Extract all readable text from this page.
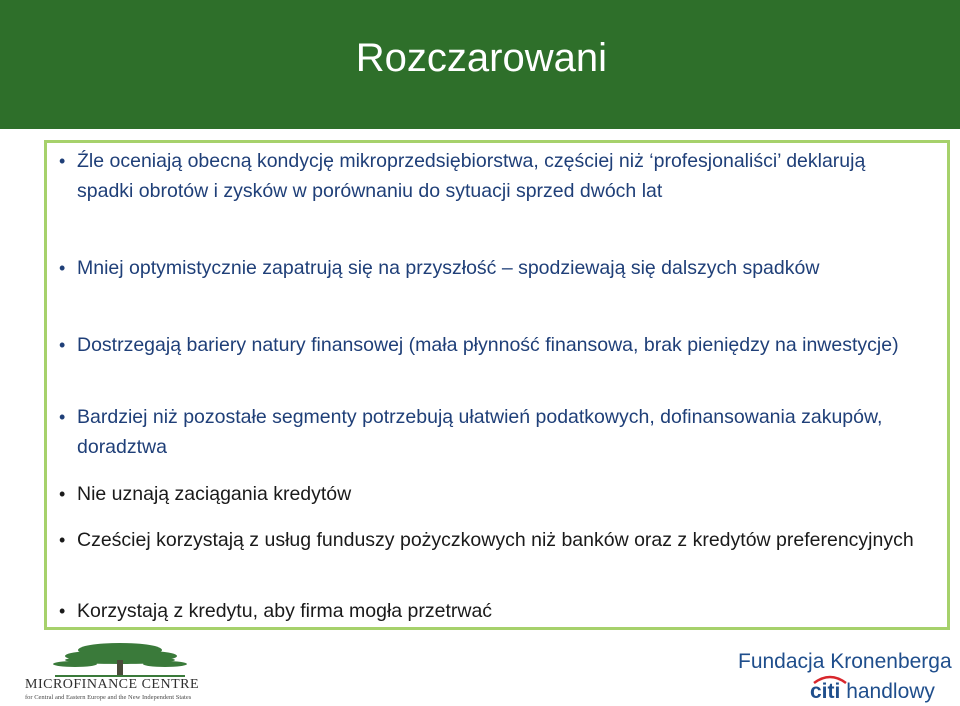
Rozczarowani
• Źle oceniają obecną kondycję mikroprzedsiębiorstwa, częściej niż ‘profesjonaliści’ deklarują spadki obrotów i zysków w porównaniu do sytuacji sprzed dwóch lat
• Mniej optymistycznie zapatrują się na przyszłość – spodziewają się dalszych spadków
• Dostrzegają bariery natury finansowej (mała płynność finansowa, brak pieniędzy na inwestycje)
• Bardziej niż pozostałe segmenty potrzebują ułatwień podatkowych, dofinansowania zakupów, doradztwa
• Nie uznają zaciągania kredytów
• Cześciej korzystają z usług funduszy pożyczkowych niż banków oraz z kredytów preferencyjnych
• Korzystają z kredytu, aby firma mogła przetrwać
MICROFINANCE CENTRE
for Central and Eastern Europe and the New Independent States
Fundacja Kronenberga
citi handlowy
